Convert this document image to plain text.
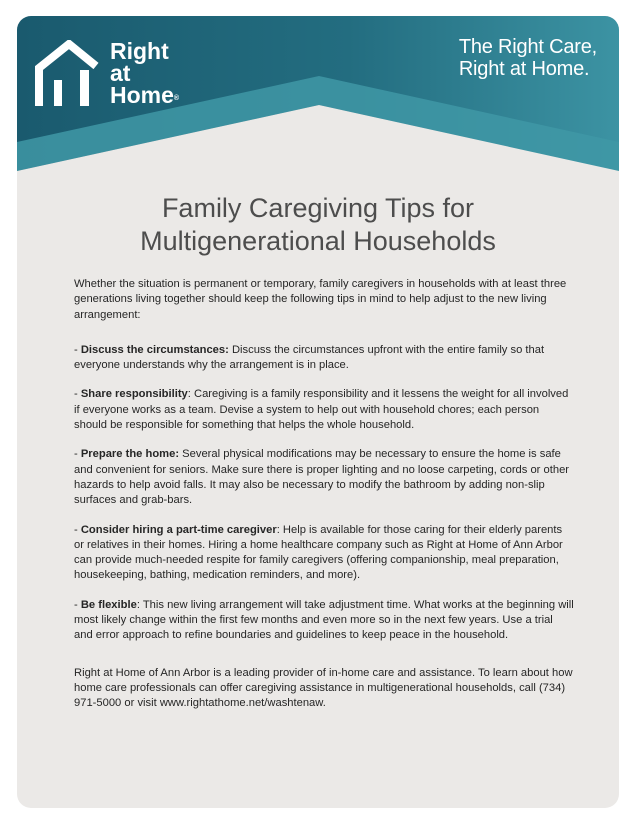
Right
at
Home®
The Right Care,
Right at Home.
Family Caregiving Tips for
Multigenerational Households

Whether the situation is permanent or temporary, family caregivers in households with at least three generations living together should keep the following tips in mind to help adjust to the new living arrangement:

- Discuss the circumstances: Discuss the circumstances upfront with the entire family so that everyone understands why the arrangement is in place.

- Share responsibility: Caregiving is a family responsibility and it lessens the weight for all involved if everyone works as a team. Devise a system to help out with household chores; each person should be responsible for something that helps the whole household.

- Prepare the home: Several physical modifications may be necessary to ensure the home is safe and convenient for seniors. Make sure there is proper lighting and no loose carpeting, cords or other hazards to help avoid falls. It may also be necessary to modify the bathroom by adding non-slip surfaces and grab-bars.

- Consider hiring a part-time caregiver: Help is available for those caring for their elderly parents or relatives in their homes. Hiring a home healthcare company such as Right at Home of Ann Arbor can provide much-needed respite for family caregivers (offering companionship, meal preparation, housekeeping, bathing, medication reminders, and more).

- Be flexible: This new living arrangement will take adjustment time. What works at the beginning will most likely change within the first few months and even more so in the next few years. Use a trial and error approach to refine boundaries and guidelines to keep peace in the household.

Right at Home of Ann Arbor is a leading provider of in-home care and assistance. To learn about how home care professionals can offer caregiving assistance in multigenerational households, call (734) 971-5000 or visit www.rightathome.net/washtenaw.
